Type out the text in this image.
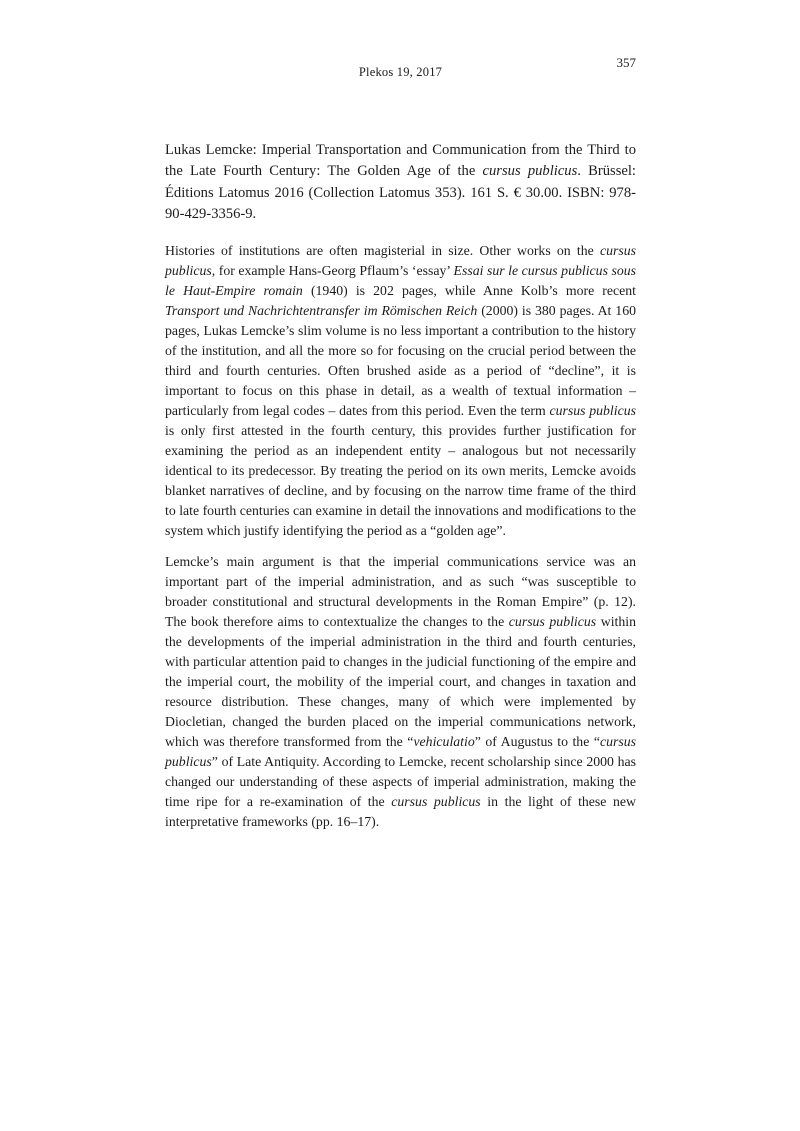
Plekos 19, 2017
357

Lukas Lemcke: Imperial Transportation and Communication from the Third to the Late Fourth Century: The Golden Age of the cursus publicus. Brüssel: Éditions Latomus 2016 (Collection Latomus 353). 161 S. € 30.00. ISBN: 978-90-429-3356-9.

Histories of institutions are often magisterial in size. Other works on the cursus publicus, for example Hans-Georg Pflaum’s ‘essay’ Essai sur le cursus publicus sous le Haut-Empire romain (1940) is 202 pages, while Anne Kolb’s more recent Transport und Nachrichtentransfer im Römischen Reich (2000) is 380 pages. At 160 pages, Lukas Lemcke’s slim volume is no less important a contribution to the history of the institution, and all the more so for focusing on the crucial period between the third and fourth centuries. Often brushed aside as a period of “decline”, it is important to focus on this phase in detail, as a wealth of textual information – particularly from legal codes – dates from this period. Even the term cursus publicus is only first attested in the fourth century, this provides further justification for examining the period as an independent entity – analogous but not necessarily identical to its predecessor. By treating the period on its own merits, Lemcke avoids blanket narratives of decline, and by focusing on the narrow time frame of the third to late fourth centuries can examine in detail the innovations and modifications to the system which justify identifying the period as a “golden age”.

Lemcke’s main argument is that the imperial communications service was an important part of the imperial administration, and as such “was susceptible to broader constitutional and structural developments in the Roman Empire” (p. 12). The book therefore aims to contextualize the changes to the cursus publicus within the developments of the imperial administration in the third and fourth centuries, with particular attention paid to changes in the judicial functioning of the empire and the imperial court, the mobility of the imperial court, and changes in taxation and resource distribution. These changes, many of which were implemented by Diocletian, changed the burden placed on the imperial communications network, which was therefore transformed from the “vehiculatio” of Augustus to the “cursus publicus” of Late Antiquity. According to Lemcke, recent scholarship since 2000 has changed our understanding of these aspects of imperial administration, making the time ripe for a re-examination of the cursus publicus in the light of these new interpretative frameworks (pp. 16–17).
